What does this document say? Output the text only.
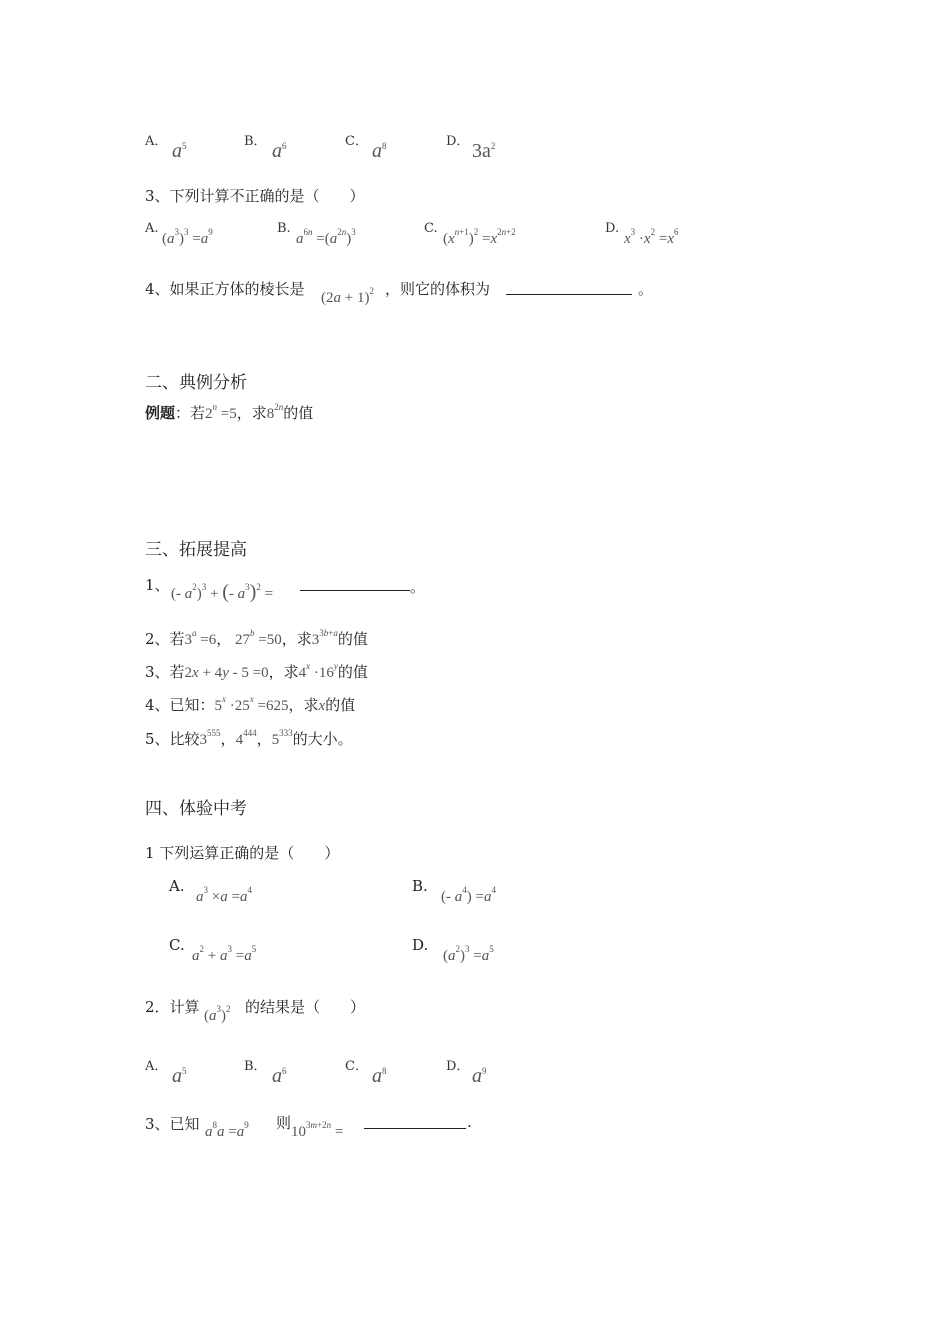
A．	B．	C．	D．
$a^5$	$a^6$	$a^8$	$3a^2$
3、下列计算不正确的是（　　）
A.
$(a^3)^3 =a^9$	B.
$a^{6n} =(a^{2n})^3$	C.
$(x^{n+1})^2 =x^{2n+2}$	D.
$x^3 \cdot x^2 =x^6$
4、如果正方体的棱长是 $(2a + 1)^2$ ，则它的体积为	。
二、典例分析
例题：若$2^n =5$，求$8^{2n}$的值
三、拓展提高
1、 (- $a^2)^3$ + (- $a^3)^2$ =	。
2、若$3^a =6$， $27^b =50$，求$3^{3b+a}$的值
3、若2x + 4y - 5 =0，求$4^x \cdot 16^y$的值
4、已知：$5^x \cdot 25^x =625$，求x的值
5、比较$3^{555}$，$4^{444}$，$5^{333}$的大小。
四、体验中考
1 下列运算正确的是（　　）
A.
$a^3 \times a =a^4$	B.
(- $a^4) =a^4$
C.
$a^2 + a^3 =a^5$	D.
$(a^2)^3 =a^5$
2．计算 $(a^3)^2$ 的结果是（　　）
A．	B．	C．	D．
$a^5$	$a^6$	$a^8$	$a^9$
3、已知 $a^8a =a^9$ 则 $10^{3m+2n}$ =
.
